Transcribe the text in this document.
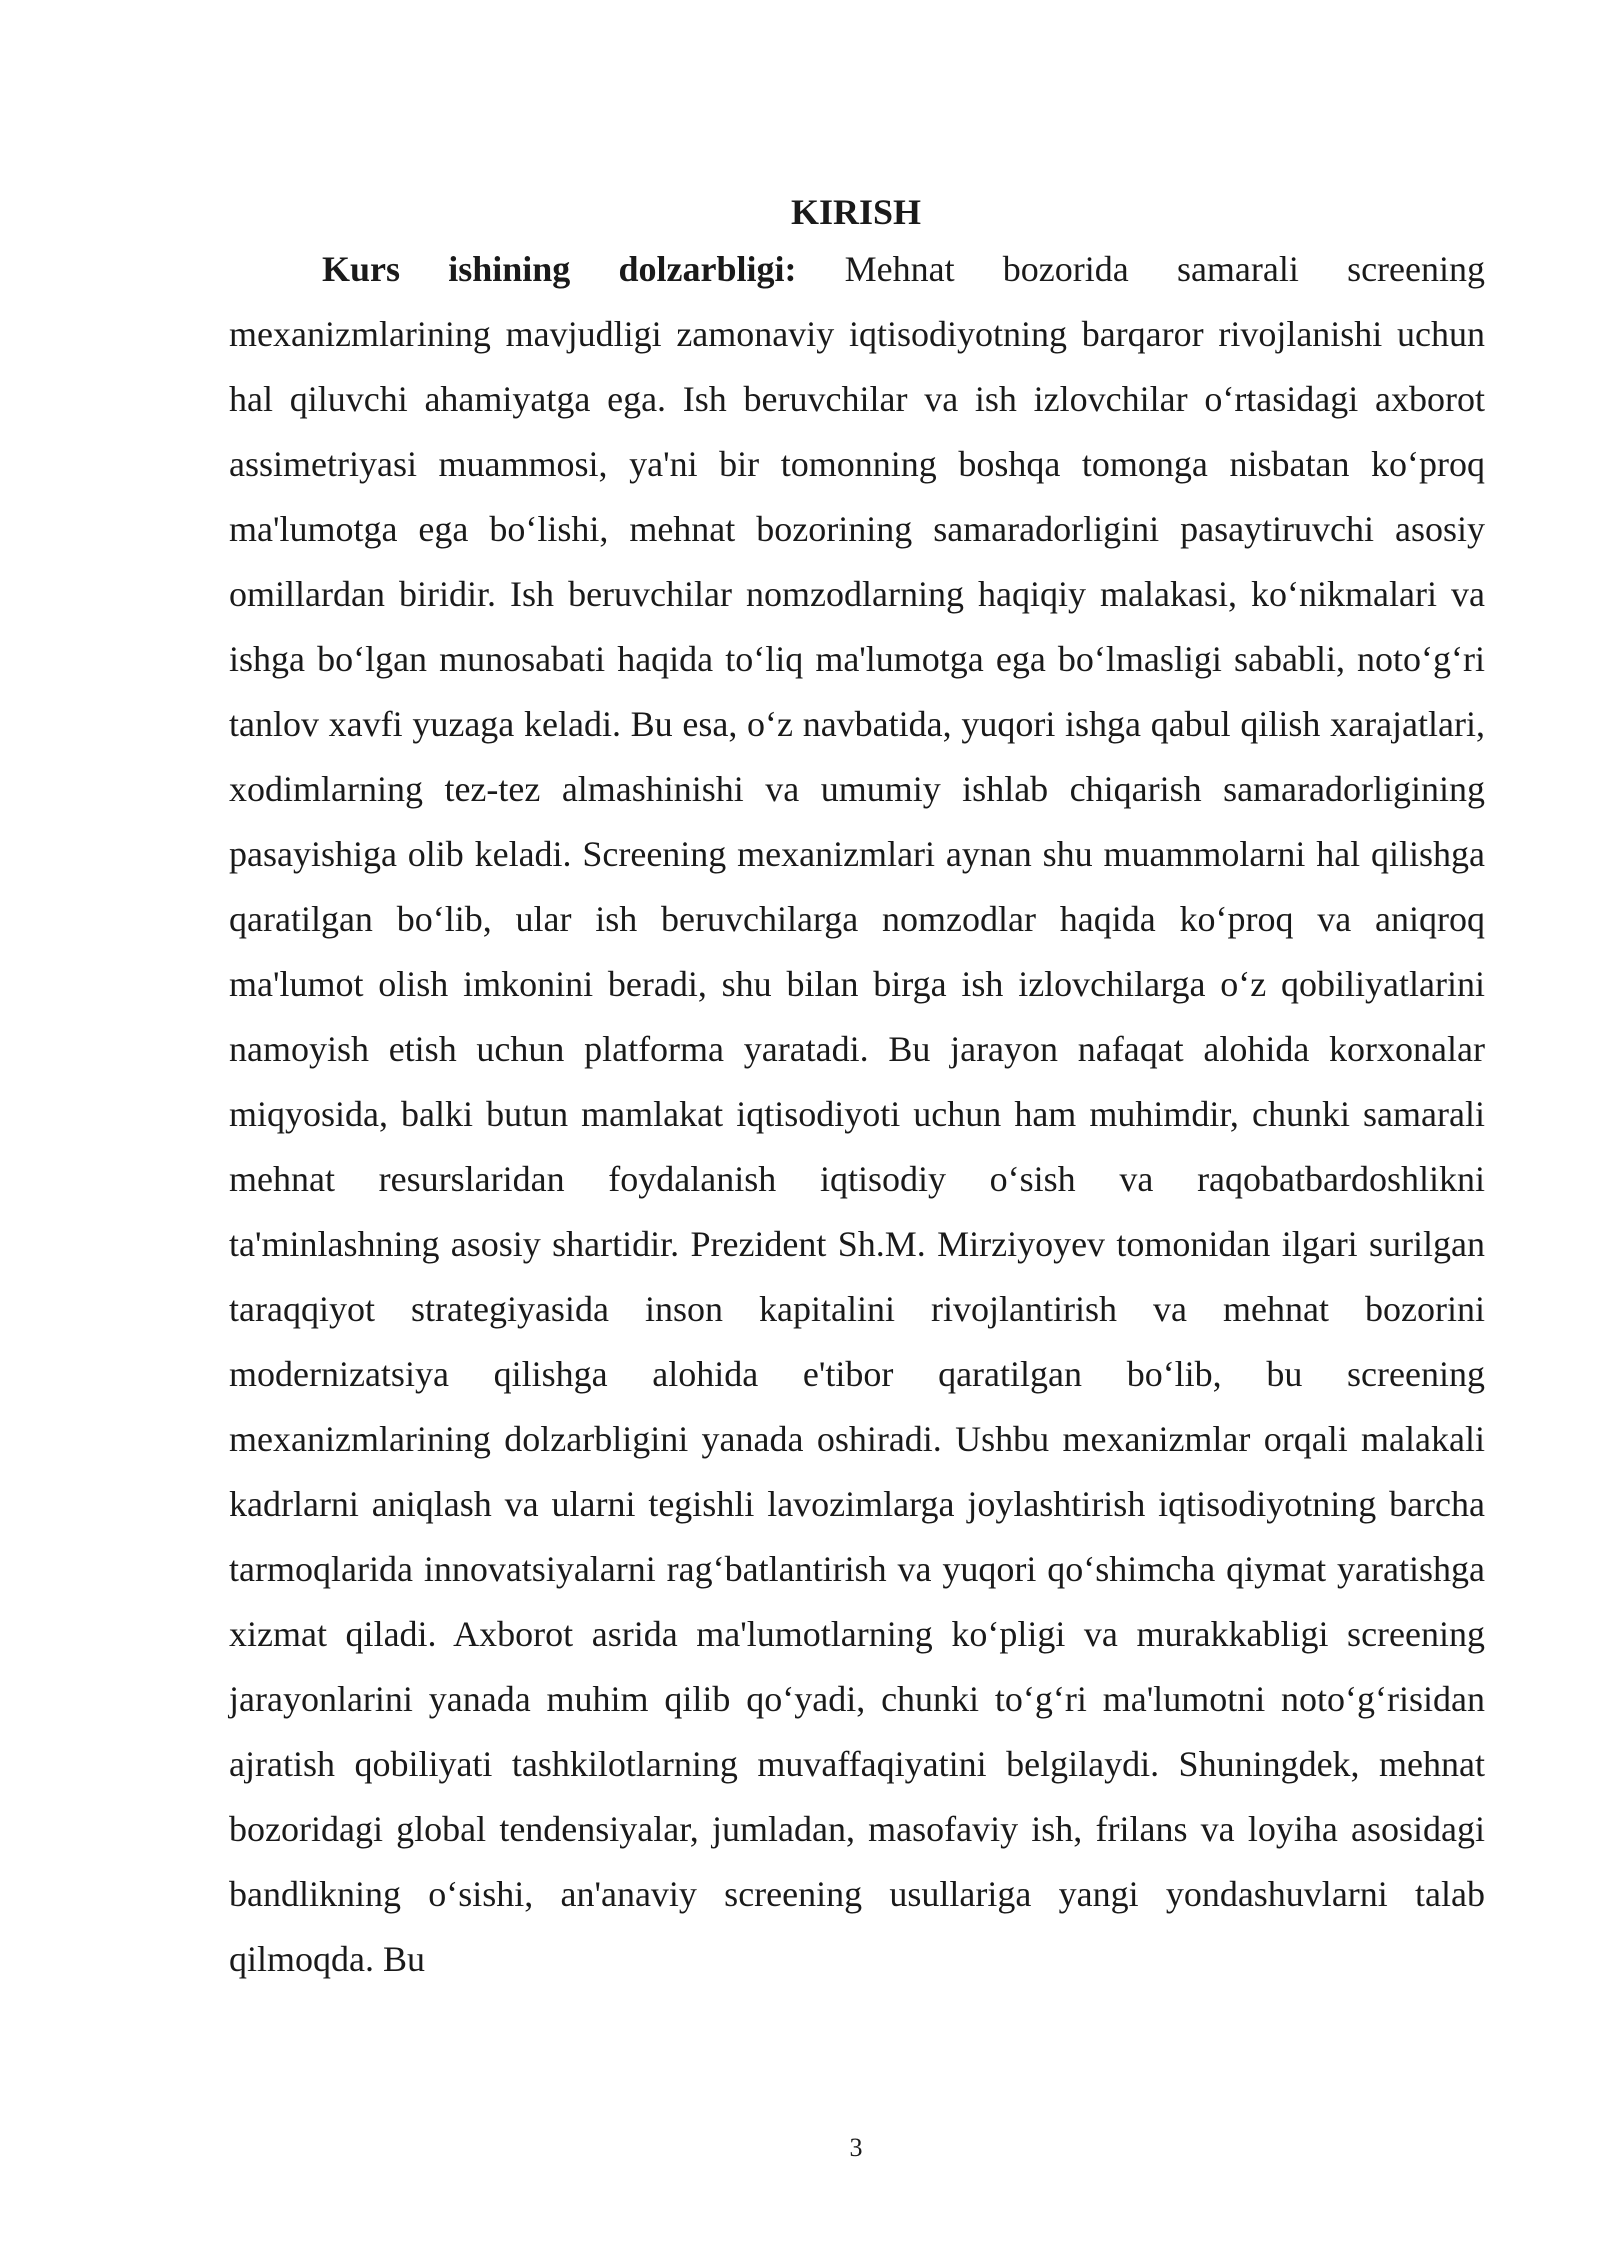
KIRISH

Kurs ishining dolzarbligi: Mehnat bozorida samarali screening mexanizmlarining mavjudligi zamonaviy iqtisodiyotning barqaror rivojlanishi uchun hal qiluvchi ahamiyatga ega. Ish beruvchilar va ish izlovchilar o‘rtasidagi axborot assimetriyasi muammosi, ya'ni bir tomonning boshqa tomonga nisbatan ko‘proq ma'lumotga ega bo‘lishi, mehnat bozorining samaradorligini pasaytiruvchi asosiy omillardan biridir. Ish beruvchilar nomzodlarning haqiqiy malakasi, ko‘nikmalari va ishga bo‘lgan munosabati haqida to‘liq ma'lumotga ega bo‘lmasligi sababli, noto‘g‘ri tanlov xavfi yuzaga keladi. Bu esa, o‘z navbatida, yuqori ishga qabul qilish xarajatlari, xodimlarning tez-tez almashinishi va umumiy ishlab chiqarish samaradorligining pasayishiga olib keladi. Screening mexanizmlari aynan shu muammolarni hal qilishga qaratilgan bo‘lib, ular ish beruvchilarga nomzodlar haqida ko‘proq va aniqroq ma'lumot olish imkonini beradi, shu bilan birga ish izlovchilarga o‘z qobiliyatlarini namoyish etish uchun platforma yaratadi. Bu jarayon nafaqat alohida korxonalar miqyosida, balki butun mamlakat iqtisodiyoti uchun ham muhimdir, chunki samarali mehnat resurslaridan foydalanish iqtisodiy o‘sish va raqobatbardoshlikni ta'minlashning asosiy shartidir. Prezident Sh.M. Mirziyoyev tomonidan ilgari surilgan taraqqiyot strategiyasida inson kapitalini rivojlantirish va mehnat bozorini modernizatsiya qilishga alohida e'tibor qaratilgan bo‘lib, bu screening mexanizmlarining dolzarbligini yanada oshiradi. Ushbu mexanizmlar orqali malakali kadrlarni aniqlash va ularni tegishli lavozimlarga joylashtirish iqtisodiyotning barcha tarmoqlarida innovatsiyalarni rag‘batlantirish va yuqori qo‘shimcha qiymat yaratishga xizmat qiladi. Axborot asrida ma'lumotlarning ko‘pligi va murakkabligi screening jarayonlarini yanada muhim qilib qo‘yadi, chunki to‘g‘ri ma'lumotni noto‘g‘risidan ajratish qobiliyati tashkilotlarning muvaffaqiyatini belgilaydi. Shuningdek, mehnat bozoridagi global tendensiyalar, jumladan, masofaviy ish, frilans va loyiha asosidagi bandlikning o‘sishi, an'anaviy screening usullariga yangi yondashuvlarni talab qilmoqda. Bu

3
